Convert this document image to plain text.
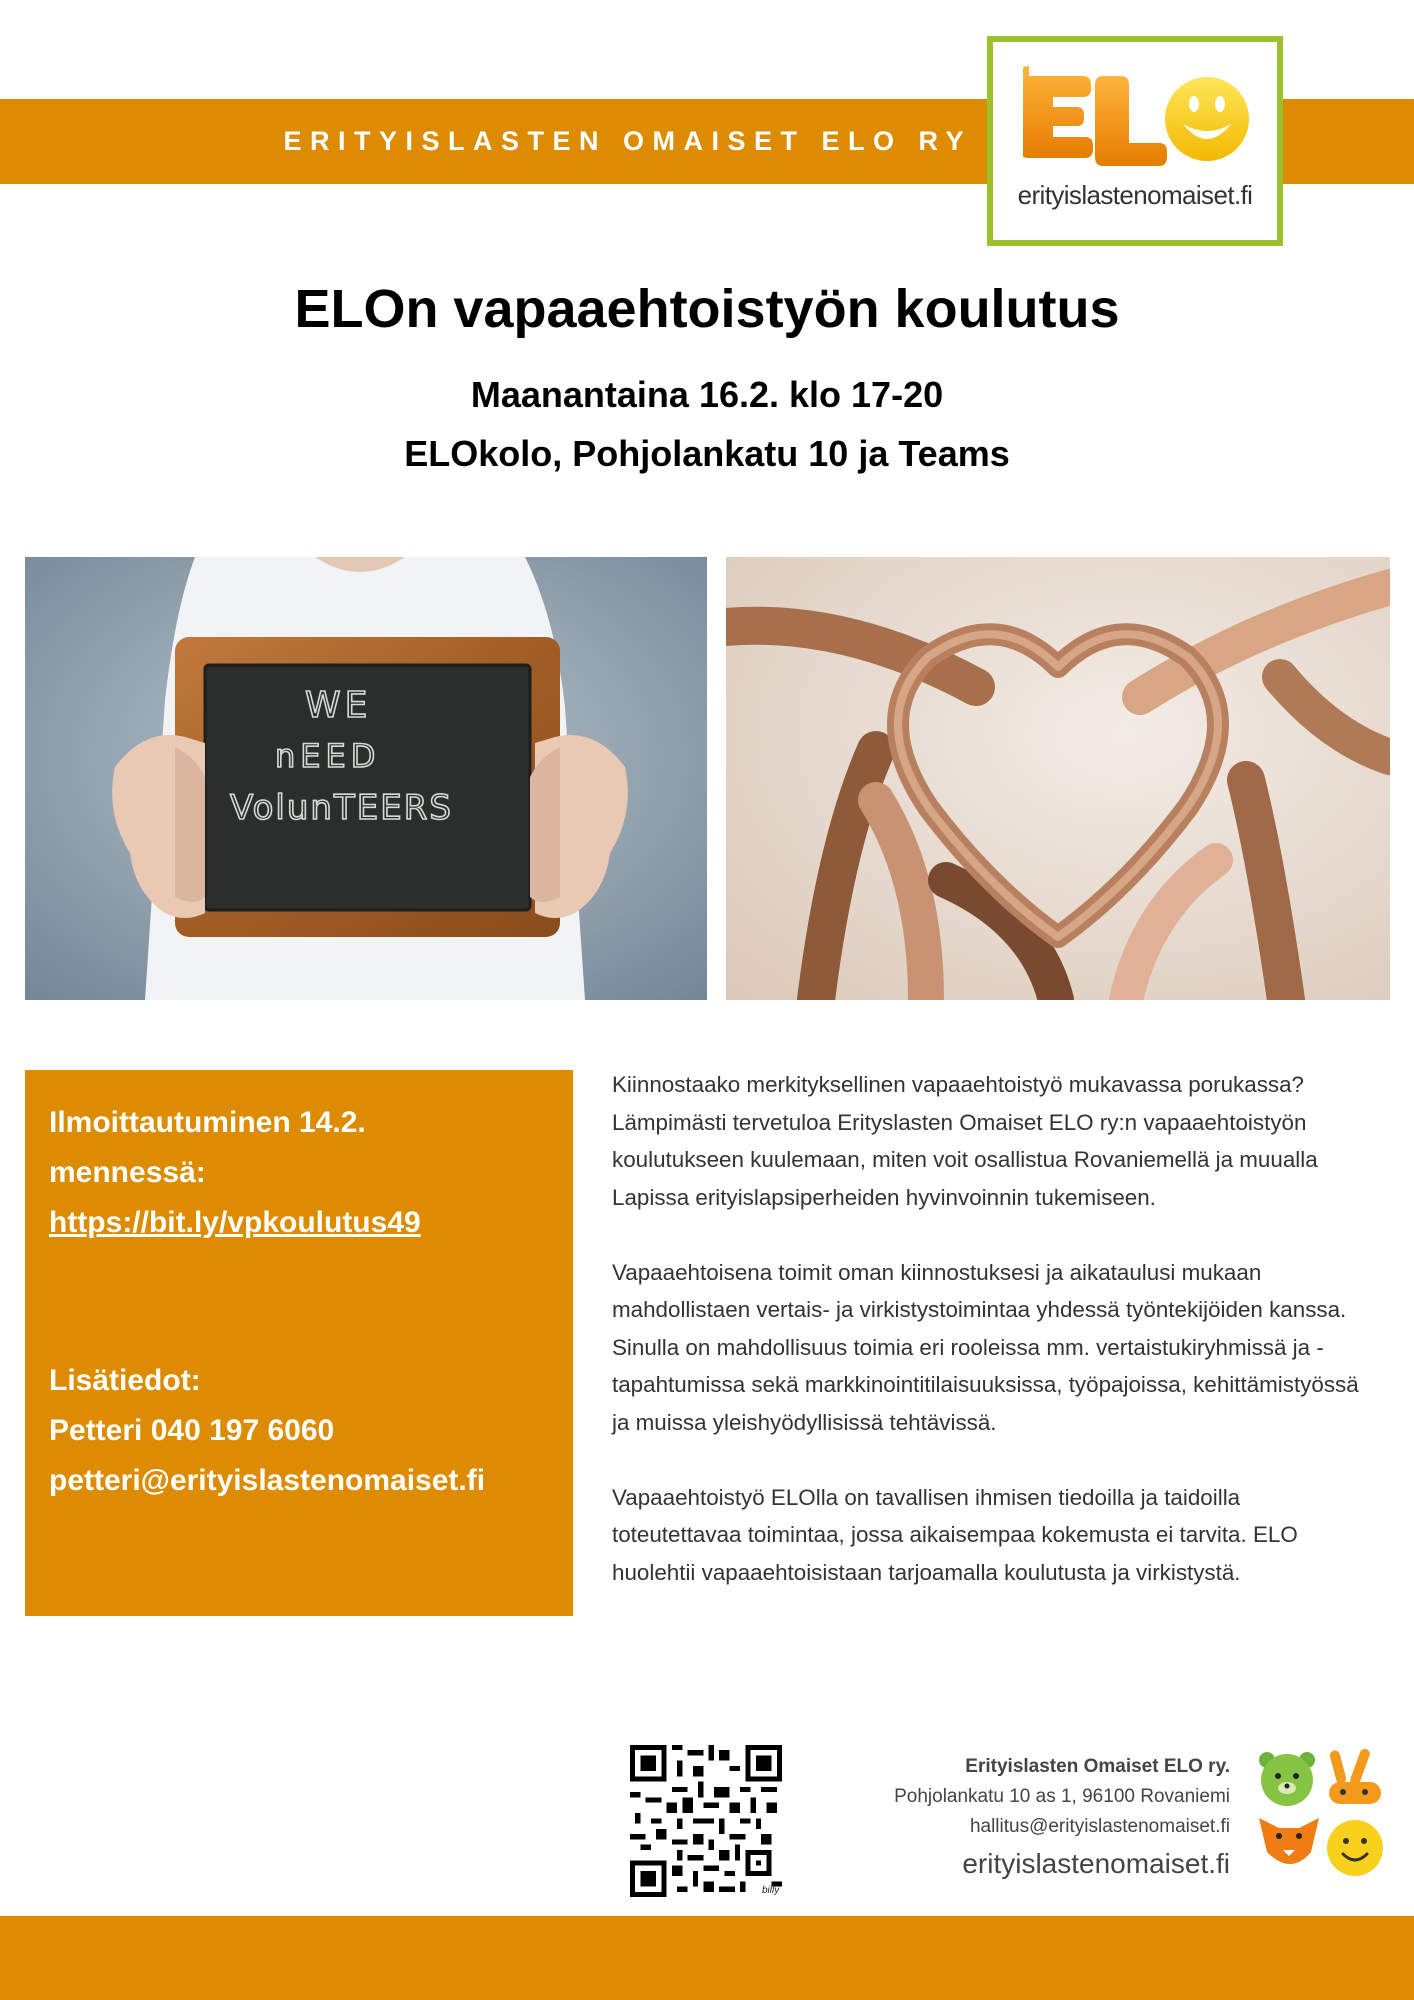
ERITYISLASTEN OMAISET ELO RY
erityislastenomaiset.fi
ELOn vapaaehtoistyön koulutus
Maanantaina 16.2. klo 17-20
ELOkolo, Pohjolankatu 10 ja Teams
WE
nEED
VolunTEERS
Ilmoittautuminen 14.2.
mennessä:
https://bit.ly/vpkoulutus49
Lisätiedot:
Petteri 040 197 6060
petteri@erityislastenomaiset.fi

Kiinnostaako merkityksellinen vapaaehtoistyö mukavassa porukassa? Lämpimästi tervetuloa Erityslasten Omaiset ELO ry:n vapaaehtoistyön koulutukseen kuulemaan, miten voit osallistua Rovaniemellä ja muualla Lapissa erityislapsiperheiden hyvinvoinnin tukemiseen.

Vapaaehtoisena toimit oman kiinnostuksesi ja aikataulusi mukaan mahdollistaen vertais- ja virkistystoimintaa yhdessä työntekijöiden kanssa. Sinulla on mahdollisuus toimia eri rooleissa mm. vertaistukiryhmissä ja -tapahtumissa sekä markkinointitilaisuuksissa, työpajoissa, kehittämistyössä ja muissa yleishyödyllisissä tehtävissä.

Vapaaehtoistyö ELOlla on tavallisen ihmisen tiedoilla ja taidoilla toteutettavaa toimintaa, jossa aikaisempaa kokemusta ei tarvita. ELO huolehtii vapaaehtoisistaan tarjoamalla koulutusta ja virkistystä.

billy
Erityislasten Omaiset ELO ry.
Pohjolankatu 10 as 1, 96100 Rovaniemi
hallitus@erityislastenomaiset.fi
erityislastenomaiset.fi
